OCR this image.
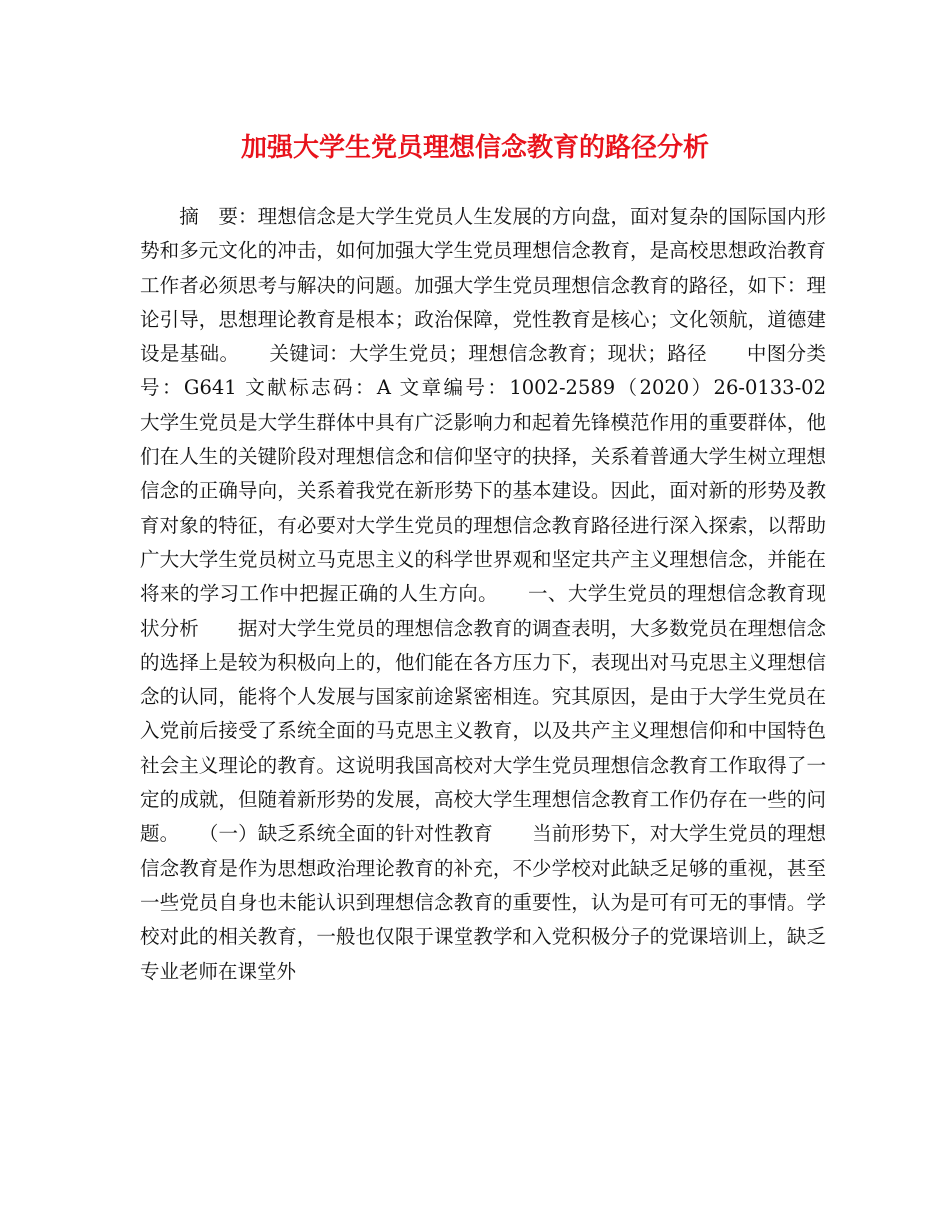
加强大学生党员理想信念教育的路径分析

　　摘　要：理想信念是大学生党员人生发展的方向盘，面对复杂的国际国内形势和多元文化的冲击，如何加强大学生党员理想信念教育，是高校思想政治教育工作者必须思考与解决的问题。加强大学生党员理想信念教育的路径，如下：理论引导，思想理论教育是根本；政治保障，党性教育是核心；文化领航，道德建设是基础。　　关键词：大学生党员；理想信念教育；现状；路径　　中图分类号：G641 文献标志码：A 文章编号：1002-2589（2020）26-0133-02　　大学生党员是大学生群体中具有广泛影响力和起着先锋模范作用的重要群体，他们在人生的关键阶段对理想信念和信仰坚守的抉择，关系着普通大学生树立理想信念的正确导向，关系着我党在新形势下的基本建设。因此，面对新的形势及教育对象的特征，有必要对大学生党员的理想信念教育路径进行深入探索，以帮助广大大学生党员树立马克思主义的科学世界观和坚定共产主义理想信念，并能在将来的学习工作中把握正确的人生方向。　　一、大学生党员的理想信念教育现状分析　　据对大学生党员的理想信念教育的调查表明，大多数党员在理想信念的选择上是较为积极向上的，他们能在各方压力下，表现出对马克思主义理想信念的认同，能将个人发展与国家前途紧密相连。究其原因，是由于大学生党员在入党前后接受了系统全面的马克思主义教育，以及共产主义理想信仰和中国特色社会主义理论的教育。这说明我国高校对大学生党员理想信念教育工作取得了一定的成就，但随着新形势的发展，高校大学生理想信念教育工作仍存在一些的问题。　　（一）缺乏系统全面的针对性教育　　当前形势下，对大学生党员的理想信念教育是作为思想政治理论教育的补充，不少学校对此缺乏足够的重视，甚至一些党员自身也未能认识到理想信念教育的重要性，认为是可有可无的事情。学校对此的相关教育，一般也仅限于课堂教学和入党积极分子的党课培训上，缺乏专业老师在课堂外
